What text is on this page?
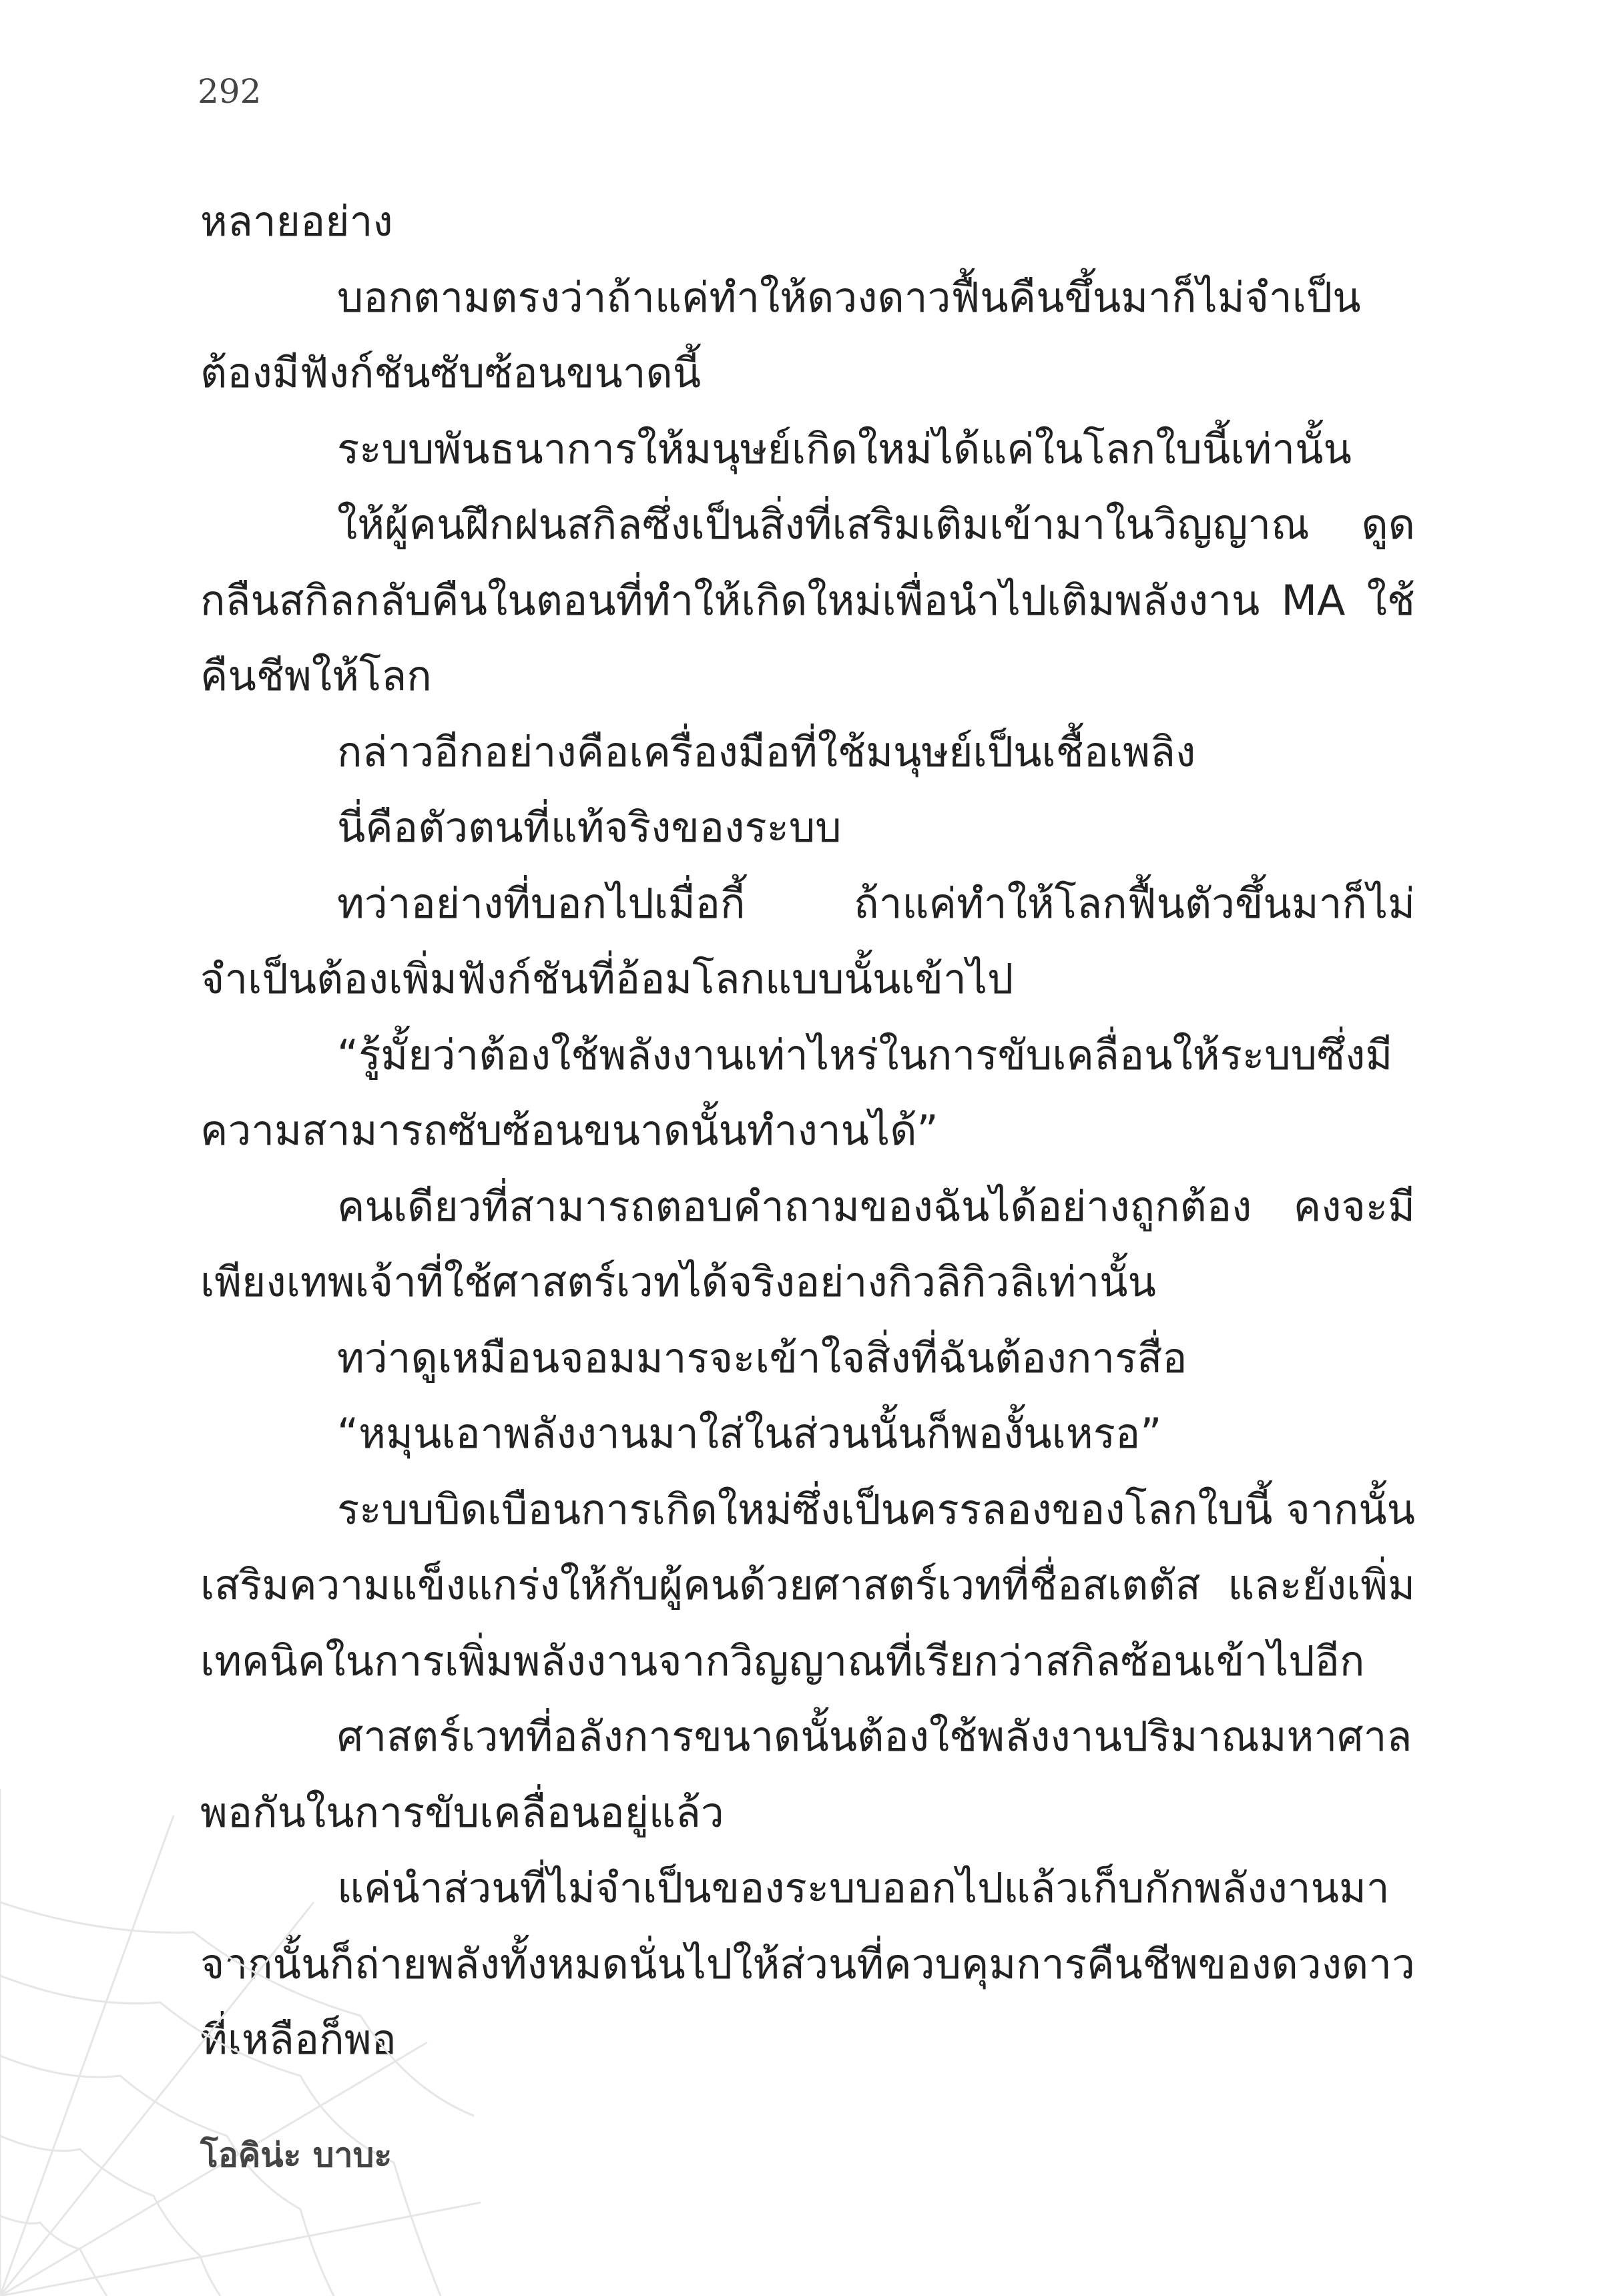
292

หลายอย่าง

บอกตามตรงว่าถ้าแค่ทำให้ดวงดาวฟื้นคืนขึ้นมาก็ไม่จำเป็นต้องมีฟังก์ชันซับซ้อนขนาดนี้

ระบบพันธนาการให้มนุษย์เกิดใหม่ได้แค่ในโลกใบนี้เท่านั้น

ให้ผู้คนฝึกฝนสกิลซึ่งเป็นสิ่งที่เสริมเติมเข้ามาในวิญญาณ ดูดกลืนสกิลกลับคืนในตอนที่ทำให้เกิดใหม่เพื่อนำไปเติมพลังงาน MA ใช้คืนชีพให้โลก

กล่าวอีกอย่างคือเครื่องมือที่ใช้มนุษย์เป็นเชื้อเพลิง

นี่คือตัวตนที่แท้จริงของระบบ

ทว่าอย่างที่บอกไปเมื่อกี้ ถ้าแค่ทำให้โลกฟื้นตัวขึ้นมาก็ไม่จำเป็นต้องเพิ่มฟังก์ชันที่อ้อมโลกแบบนั้นเข้าไป

“รู้มั้ยว่าต้องใช้พลังงานเท่าไหร่ในการขับเคลื่อนให้ระบบซึ่งมีความสามารถซับซ้อนขนาดนั้นทำงานได้”

คนเดียวที่สามารถตอบคำถามของฉันได้อย่างถูกต้อง คงจะมีเพียงเทพเจ้าที่ใช้ศาสตร์เวทได้จริงอย่างกิวลิกิวลิเท่านั้น

ทว่าดูเหมือนจอมมารจะเข้าใจสิ่งที่ฉันต้องการสื่อ

“หมุนเอาพลังงานมาใส่ในส่วนนั้นก็พองั้นเหรอ”

ระบบบิดเบือนการเกิดใหม่ซึ่งเป็นครรลองของโลกใบนี้ จากนั้นเสริมความแข็งแกร่งให้กับผู้คนด้วยศาสตร์เวทที่ชื่อสเตตัส และยังเพิ่มเทคนิคในการเพิ่มพลังงานจากวิญญาณที่เรียกว่าสกิลซ้อนเข้าไปอีก

ศาสตร์เวทที่อลังการขนาดนั้นต้องใช้พลังงานปริมาณมหาศาลพอกันในการขับเคลื่อนอยู่แล้ว

แค่นำส่วนที่ไม่จำเป็นของระบบออกไปแล้วเก็บกักพลังงานมาจากนั้นก็ถ่ายพลังทั้งหมดนั่นไปให้ส่วนที่ควบคุมการคืนชีพของดวงดาวที่เหลือก็พอ

โอคิน่ะ บาบะ
